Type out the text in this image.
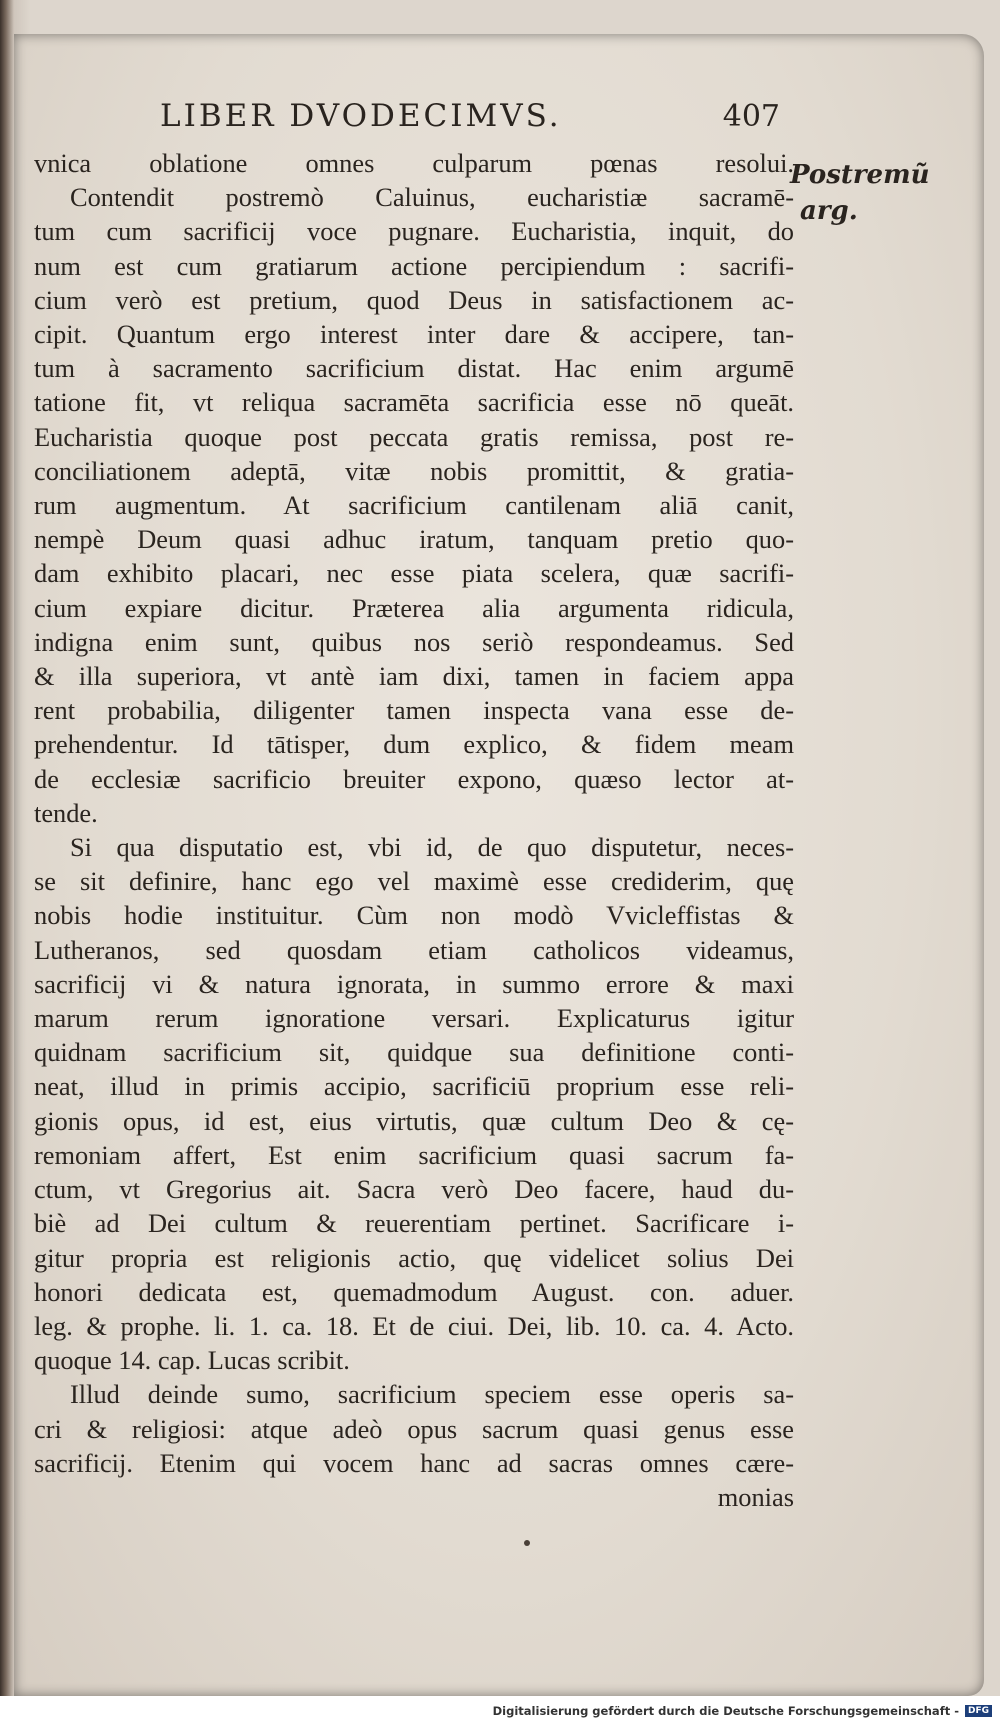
LIBER DVODECIMVS.	407
Postremũ
arg.
vnica oblatione omnes culparum pœnas resolui.
Contendit postremò Caluinus, eucharistiæ sacramē-
tum cum sacrificij voce pugnare. Eucharistia, inquit, do
num est cum gratiarum actione percipiendum : sacrifi-
cium verò est pretium, quod Deus in satisfactionem ac-
cipit. Quantum ergo interest inter dare & accipere, tan-
tum à sacramento sacrificium distat. Hac enim argumē
tatione fit, vt reliqua sacramēta sacrificia esse nō queāt.
Eucharistia quoque post peccata gratis remissa, post re-
conciliationem adeptā, vitæ nobis promittit, & gratia-
rum augmentum. At sacrificium cantilenam aliā canit,
nempè Deum quasi adhuc iratum, tanquam pretio quo-
dam exhibito placari, nec esse piata scelera, quæ sacrifi-
cium expiare dicitur. Præterea alia argumenta ridicula,
indigna enim sunt, quibus nos seriò respondeamus. Sed
& illa superiora, vt antè iam dixi, tamen in faciem appa
rent probabilia, diligenter tamen inspecta vana esse de-
prehendentur. Id tātisper, dum explico, & fidem meam
de ecclesiæ sacrificio breuiter expono, quæso lector at-
tende.
Si qua disputatio est, vbi id, de quo disputetur, neces-
se sit definire, hanc ego vel maximè esse crediderim, quę
nobis hodie instituitur. Cùm non modò Vvicleffistas &
Lutheranos, sed quosdam etiam catholicos videamus,
sacrificij vi & natura ignorata, in summo errore & maxi
marum rerum ignoratione versari. Explicaturus igitur
quidnam sacrificium sit, quidque sua definitione conti-
neat, illud in primis accipio, sacrificiū proprium esse reli-
gionis opus, id est, eius virtutis, quæ cultum Deo & cę-
remoniam affert, Est enim sacrificium quasi sacrum fa-
ctum, vt Gregorius ait. Sacra verò Deo facere, haud du-
biè ad Dei cultum & reuerentiam pertinet. Sacrificare i-
gitur propria est religionis actio, quę videlicet solius Dei
honori dedicata est, quemadmodum August. con. aduer.
leg. & prophe. li. 1. ca. 18. Et de ciui. Dei, lib. 10. ca. 4. Acto.
quoque 14. cap. Lucas scribit.
Illud deinde sumo, sacrificium speciem esse operis sa-
cri & religiosi: atque adeò opus sacrum quasi genus esse
sacrificij. Etenim qui vocem hanc ad sacras omnes cære-
monias
Digitalisierung gefördert durch die Deutsche Forschungsgemeinschaft -	DFG
